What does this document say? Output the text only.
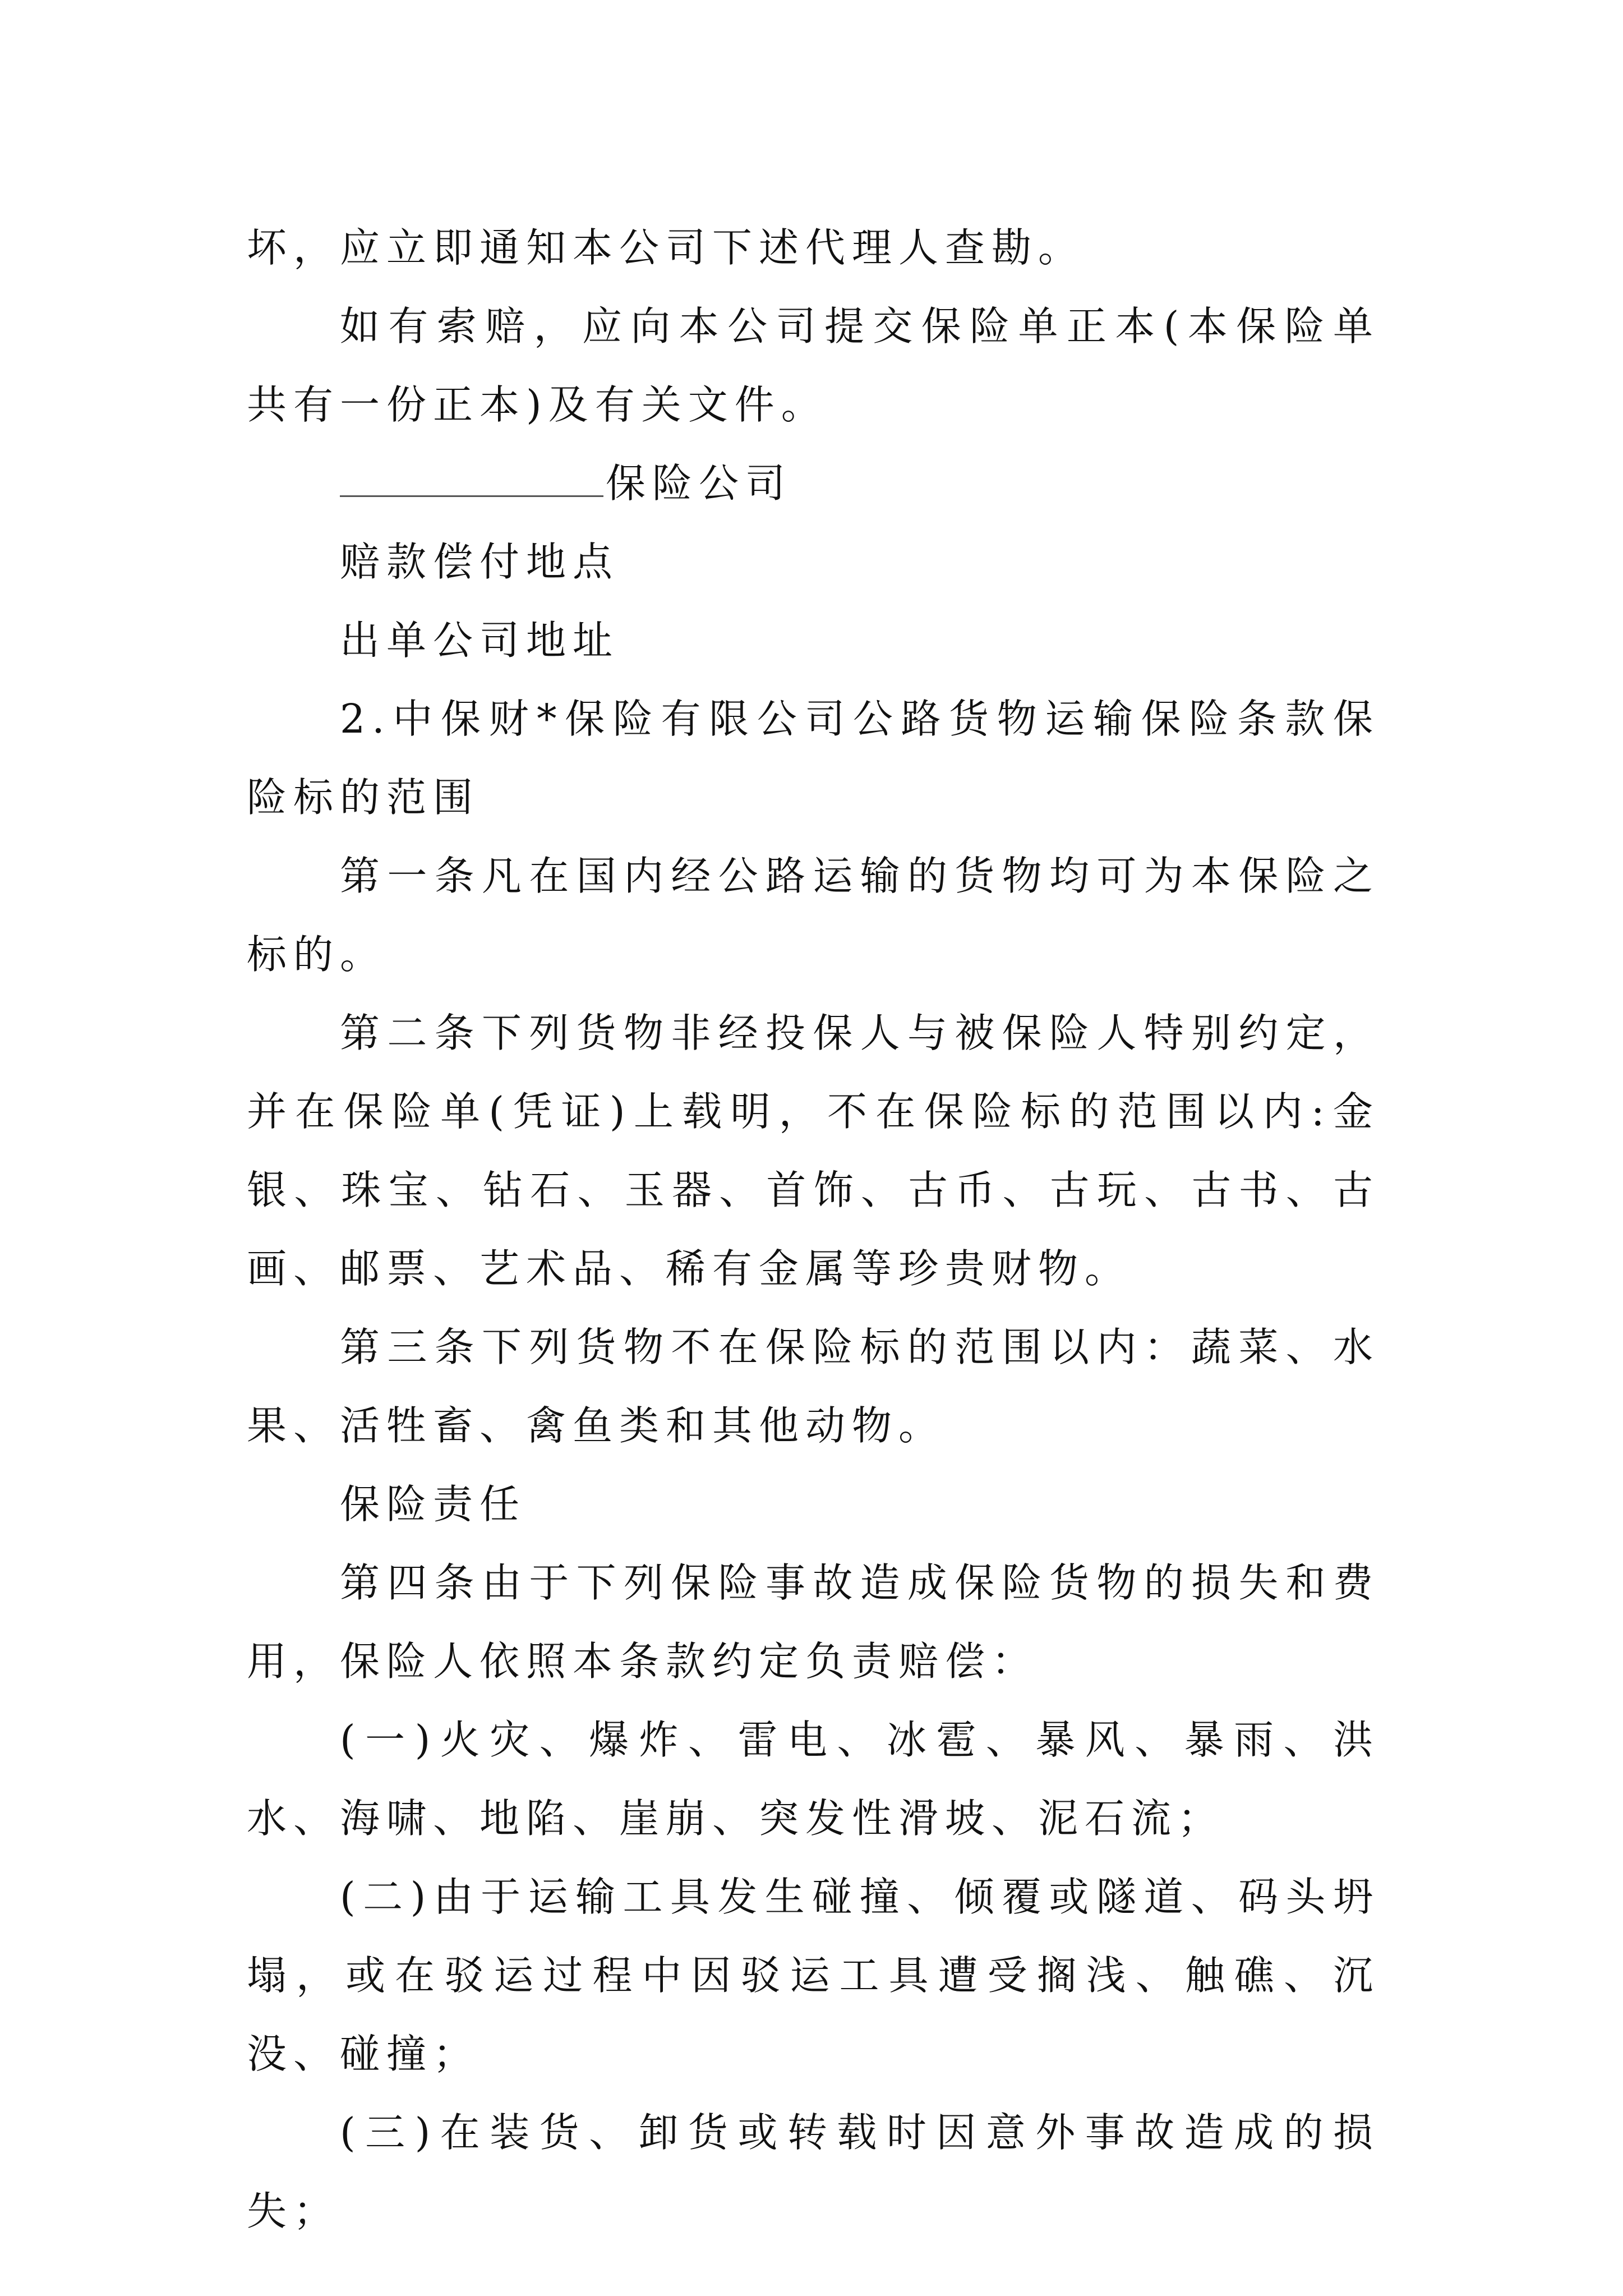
坏，应立即通知本公司下述代理人查勘。

如有索赔，应向本公司提交保险单正本(本保险单共有一份正本)及有关文件。

保险公司

赔款偿付地点

出单公司地址

2.中保财*保险有限公司公路货物运输保险条款保险标的范围

第一条凡在国内经公路运输的货物均可为本保险之标的。

第二条下列货物非经投保人与被保险人特别约定，并在保险单(凭证)上载明，不在保险标的范围以内:金银、珠宝、钻石、玉器、首饰、古币、古玩、古书、古画、邮票、艺术品、稀有金属等珍贵财物。

第三条下列货物不在保险标的范围以内：蔬菜、水果、活牲畜、禽鱼类和其他动物。

保险责任

第四条由于下列保险事故造成保险货物的损失和费用，保险人依照本条款约定负责赔偿：

(一)火灾、爆炸、雷电、冰雹、暴风、暴雨、洪水、海啸、地陷、崖崩、突发性滑坡、泥石流；

(二)由于运输工具发生碰撞、倾覆或隧道、码头坍塌，或在驳运过程中因驳运工具遭受搁浅、触礁、沉没、碰撞；

(三)在装货、卸货或转载时因意外事故造成的损失；
